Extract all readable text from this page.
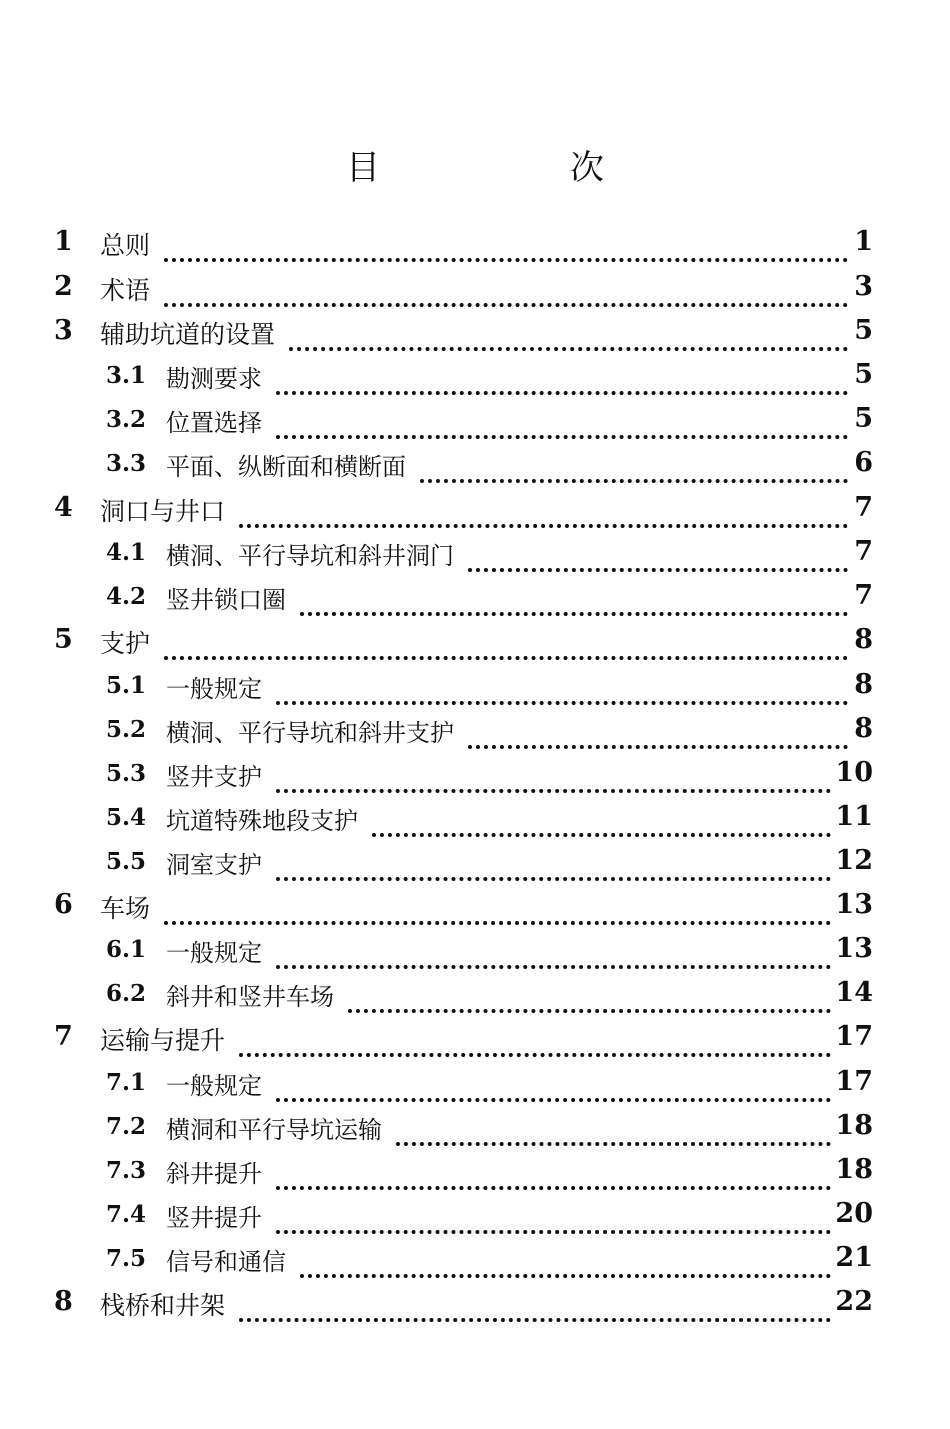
目　次
1 总则	1
2 术语	3
3 辅助坑道的设置	5
3.1 勘测要求	5
3.2 位置选择	5
3.3 平面、纵断面和横断面	6
4 洞口与井口	7
4.1 横洞、平行导坑和斜井洞门	7
4.2 竖井锁口圈	7
5 支护	8
5.1 一般规定	8
5.2 横洞、平行导坑和斜井支护	8
5.3 竖井支护	10
5.4 坑道特殊地段支护	11
5.5 洞室支护	12
6 车场	13
6.1 一般规定	13
6.2 斜井和竖井车场	14
7 运输与提升	17
7.1 一般规定	17
7.2 横洞和平行导坑运输	18
7.3 斜井提升	18
7.4 竖井提升	20
7.5 信号和通信	21
8 栈桥和井架	22
